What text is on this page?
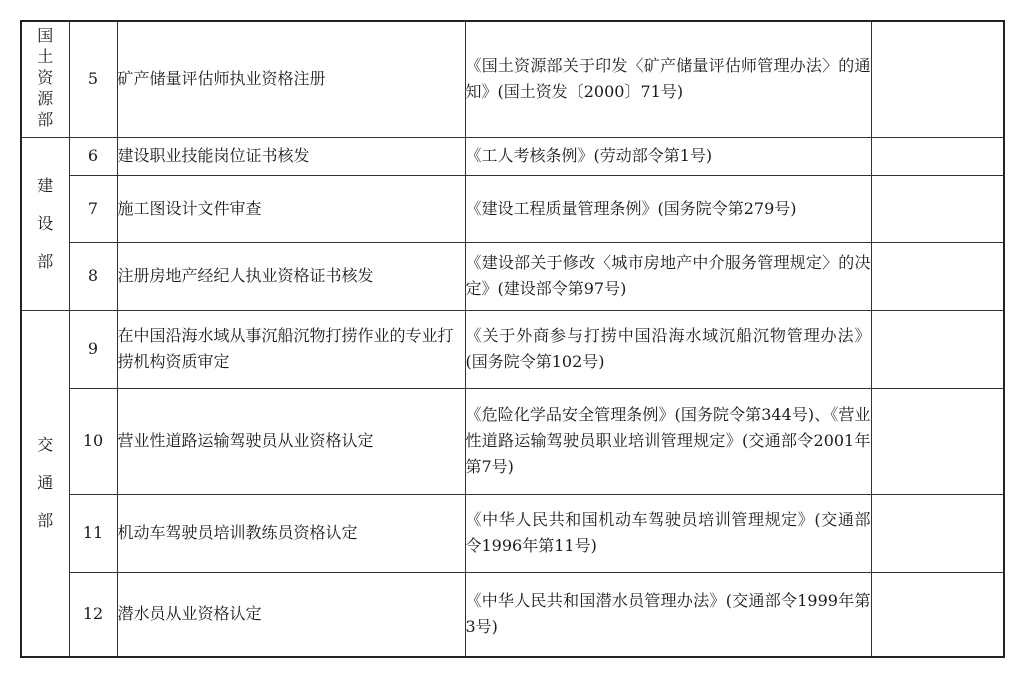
国土资源部	5	矿产储量评估师执业资格注册	《国土资源部关于印发〈矿产储量评估师管理办法〉的通知》(国土资发〔2000〕71号)	
建设部	6	建设职业技能岗位证书核发	《工人考核条例》(劳动部令第1号)	
	7	施工图设计文件审查	《建设工程质量管理条例》(国务院令第279号)	
	8	注册房地产经纪人执业资格证书核发	《建设部关于修改〈城市房地产中介服务管理规定〉的决定》(建设部令第97号)	
交通部	9	在中国沿海水域从事沉船沉物打捞作业的专业打捞机构资质审定	《关于外商参与打捞中国沿海水域沉船沉物管理办法》(国务院令第102号)	
	10	营业性道路运输驾驶员从业资格认定	《危险化学品安全管理条例》(国务院令第344号)、《营业性道路运输驾驶员职业培训管理规定》(交通部令2001年第7号)	
	11	机动车驾驶员培训教练员资格认定	《中华人民共和国机动车驾驶员培训管理规定》(交通部令1996年第11号)	
	12	潜水员从业资格认定	《中华人民共和国潜水员管理办法》(交通部令1999年第3号)	
